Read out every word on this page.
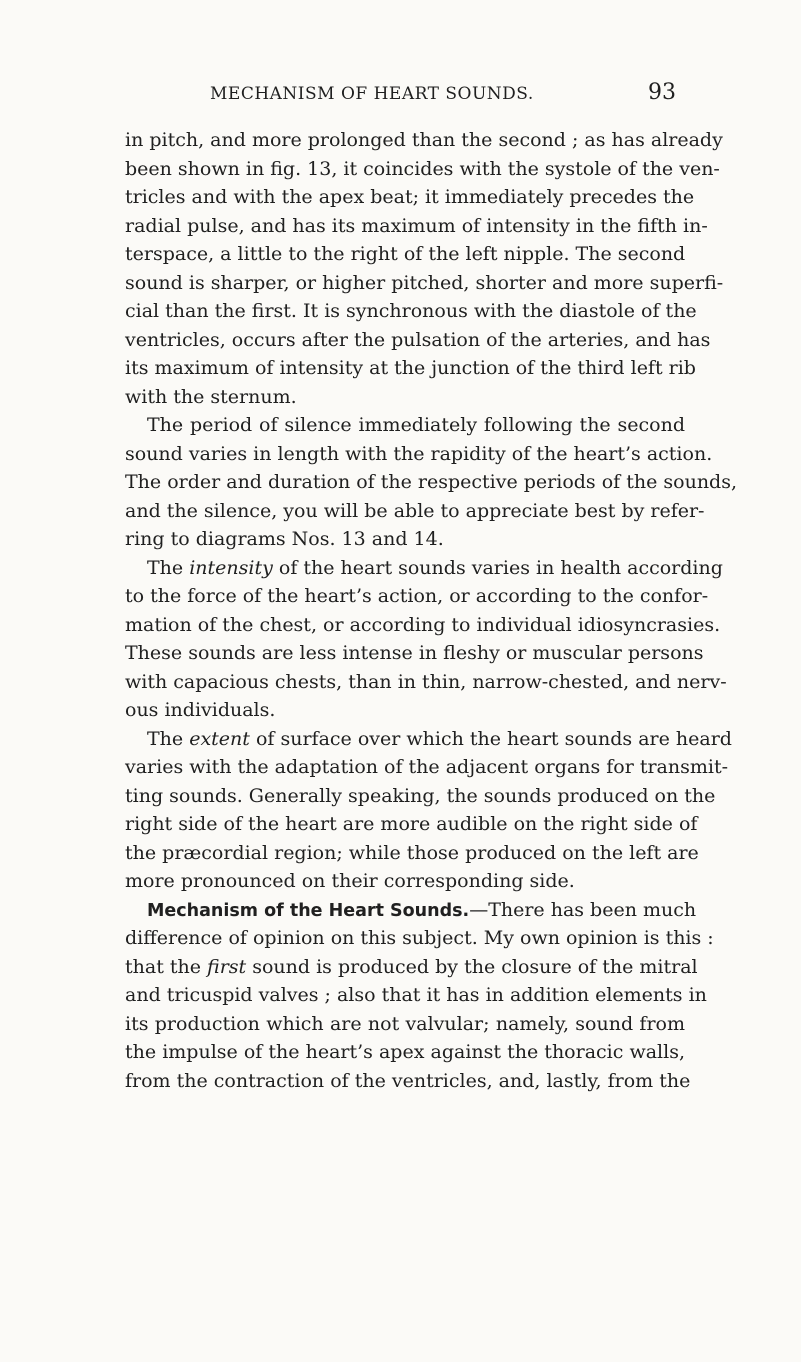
MECHANISM OF HEART SOUNDS.	93
in pitch, and more prolonged than the second ; as has already
been shown in fig. 13, it coincides with the systole of the ven-
tricles and with the apex beat; it immediately precedes the
radial pulse, and has its maximum of intensity in the fifth in-
terspace, a little to the right of the left nipple. The second
sound is sharper, or higher pitched, shorter and more superfi-
cial than the first. It is synchronous with the diastole of the
ventricles, occurs after the pulsation of the arteries, and has
its maximum of intensity at the junction of the third left rib
with the sternum.
The period of silence immediately following the second
sound varies in length with the rapidity of the heart’s action.
The order and duration of the respective periods of the sounds,
and the silence, you will be able to appreciate best by refer-
ring to diagrams Nos. 13 and 14.
The intensity of the heart sounds varies in health according
to the force of the heart’s action, or according to the confor-
mation of the chest, or according to individual idiosyncrasies.
These sounds are less intense in fleshy or muscular persons
with capacious chests, than in thin, narrow-chested, and nerv-
ous individuals.
The extent of surface over which the heart sounds are heard
varies with the adaptation of the adjacent organs for transmit-
ting sounds. Generally speaking, the sounds produced on the
right side of the heart are more audible on the right side of
the præcordial region; while those produced on the left are
more pronounced on their corresponding side.
Mechanism of the Heart Sounds.—There has been much
difference of opinion on this subject. My own opinion is this :
that the first sound is produced by the closure of the mitral
and tricuspid valves ; also that it has in addition elements in
its production which are not valvular; namely, sound from
the impulse of the heart’s apex against the thoracic walls,
from the contraction of the ventricles, and, lastly, from the
